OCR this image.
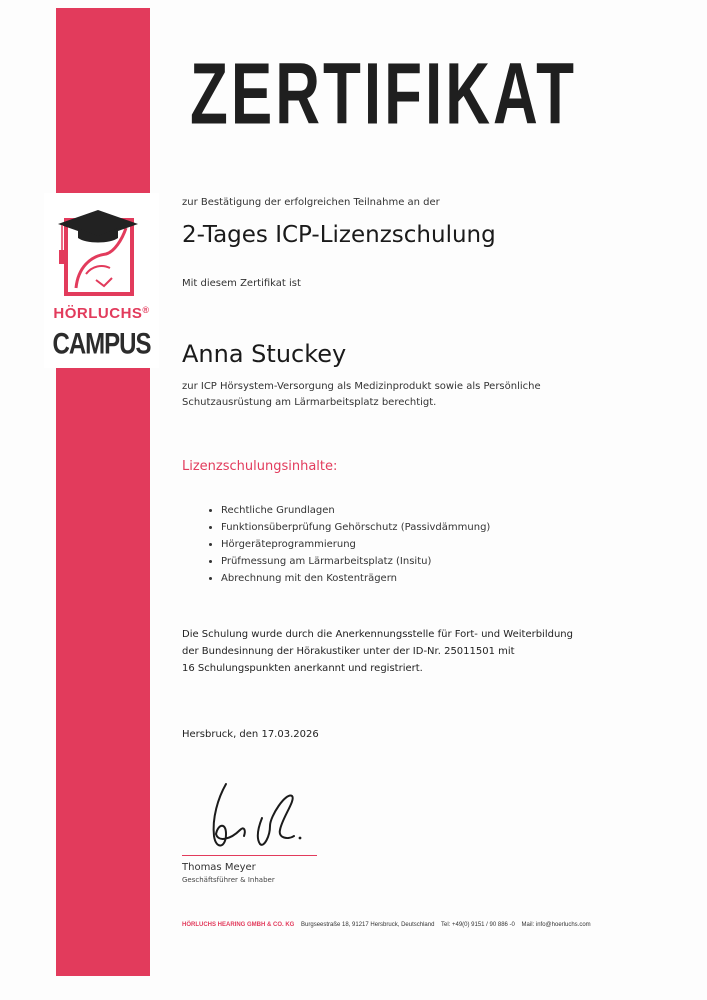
HÖRLUCHS®
CAMPUS
ZERTIFIKAT
zur Bestätigung der erfolgreichen Teilnahme an der
2-Tages ICP-Lizenzschulung
Mit diesem Zertifikat ist
Anna Stuckey
zur ICP Hörsystem-Versorgung als Medizinprodukt sowie als Persönliche
Schutzausrüstung am Lärmarbeitsplatz berechtigt.
Lizenzschulungsinhalte:
• Rechtliche Grundlagen
• Funktionsüberprüfung Gehörschutz (Passivdämmung)
• Hörgeräteprogrammierung
• Prüfmessung am Lärmarbeitsplatz (Insitu)
• Abrechnung mit den Kostenträgern
Die Schulung wurde durch die Anerkennungsstelle für Fort- und Weiterbildung
der Bundesinnung der Hörakustiker unter der ID-Nr. 25011501 mit
16 Schulungspunkten anerkannt und registriert.
Hersbruck, den 17.03.2026
Thomas Meyer
Geschäftsführer & Inhaber
HÖRLUCHS HEARING GMBH & CO. KG Burgseestraße 18, 91217 Hersbruck, Deutschland Tel: +49(0) 9151 / 90 886 -0 Mail: info@hoerluchs.com
